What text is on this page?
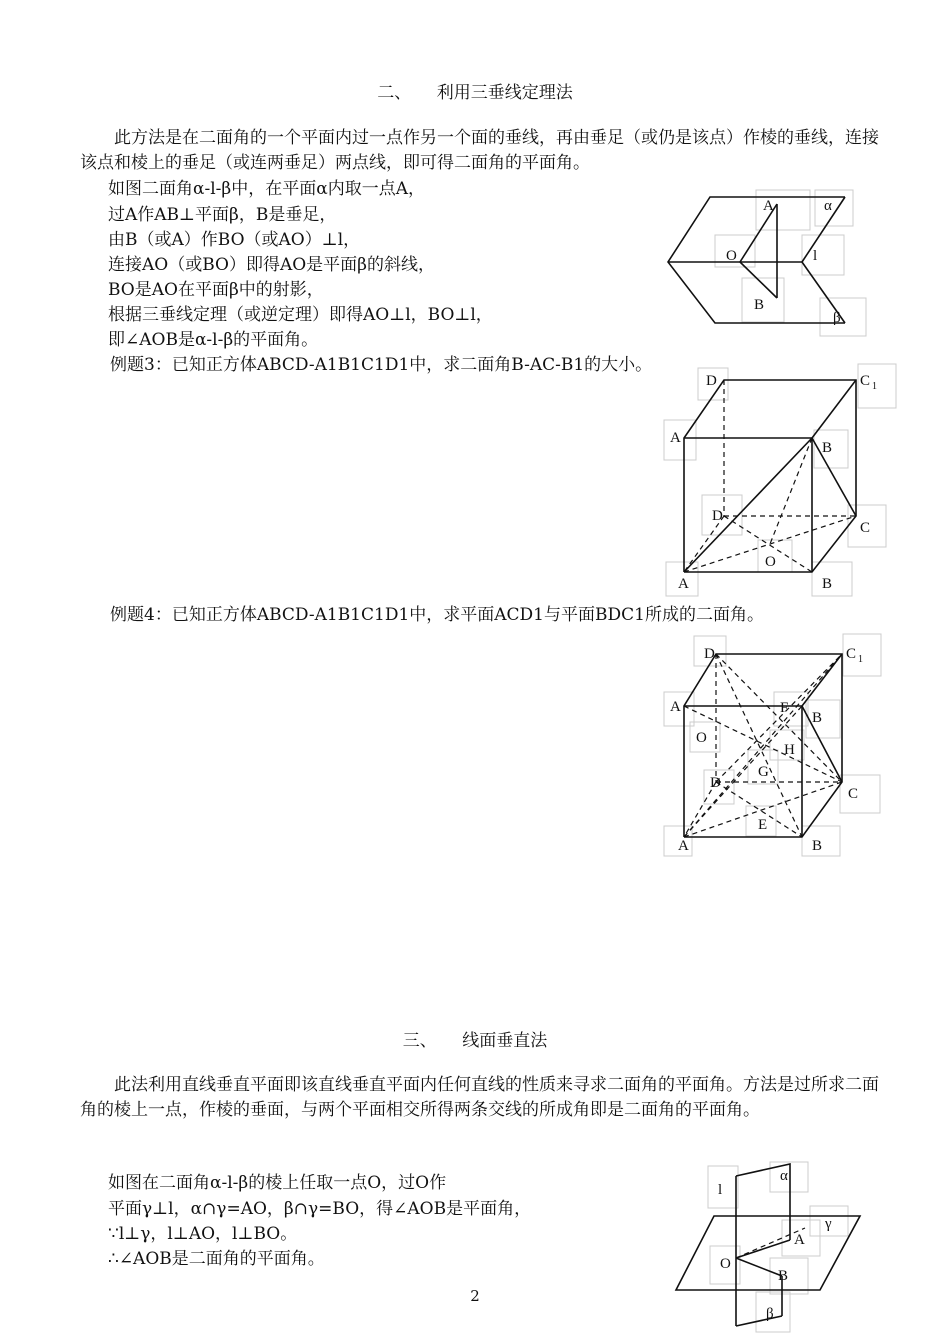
二、　　利用三垂线定理法
此方法是在二面角的一个平面内过一点作另一个面的垂线，再由垂足（或仍是该点）作棱的垂线，连接该点和棱上的垂足（或连两垂足）两点线，即可得二面角的平面角。
如图二面角α-l-β中，在平面α内取一点A，
过A作AB⊥平面β，B是垂足，
由B（或A）作BO（或AO）⊥l，
连接AO（或BO）即得AO是平面β的斜线，
BO是AO在平面β中的射影，
根据三垂线定理（或逆定理）即得AO⊥l，BO⊥l，
即∠AOB是α-l-β的平面角。
例题3：已知正方体ABCD-A1B1C1D1中，求二面角B-AC-B1的大小。
例题4：已知正方体ABCD-A1B1C1D1中，求平面ACD1与平面BDC1所成的二面角。
A	α
O	l
B
β
D	C 1
A
B
D
C
O
A	B
D	C 1
A	F
B
O
H
G
D
C
E
A	B
三、　　线面垂直法
此法利用直线垂直平面即该直线垂直平面内任何直线的性质来寻求二面角的平面角。方法是过所求二面角的棱上一点，作棱的垂面，与两个平面相交所得两条交线的所成角即是二面角的平面角。
如图在二面角α-l-β的棱上任取一点O，过O作
平面γ⊥l，α∩γ=AO，β∩γ=BO，得∠AOB是平面角，
∵l⊥γ，l⊥AO，l⊥BO。
∴∠AOB是二面角的平面角。
l
α
γ
A
O
B
β
2
